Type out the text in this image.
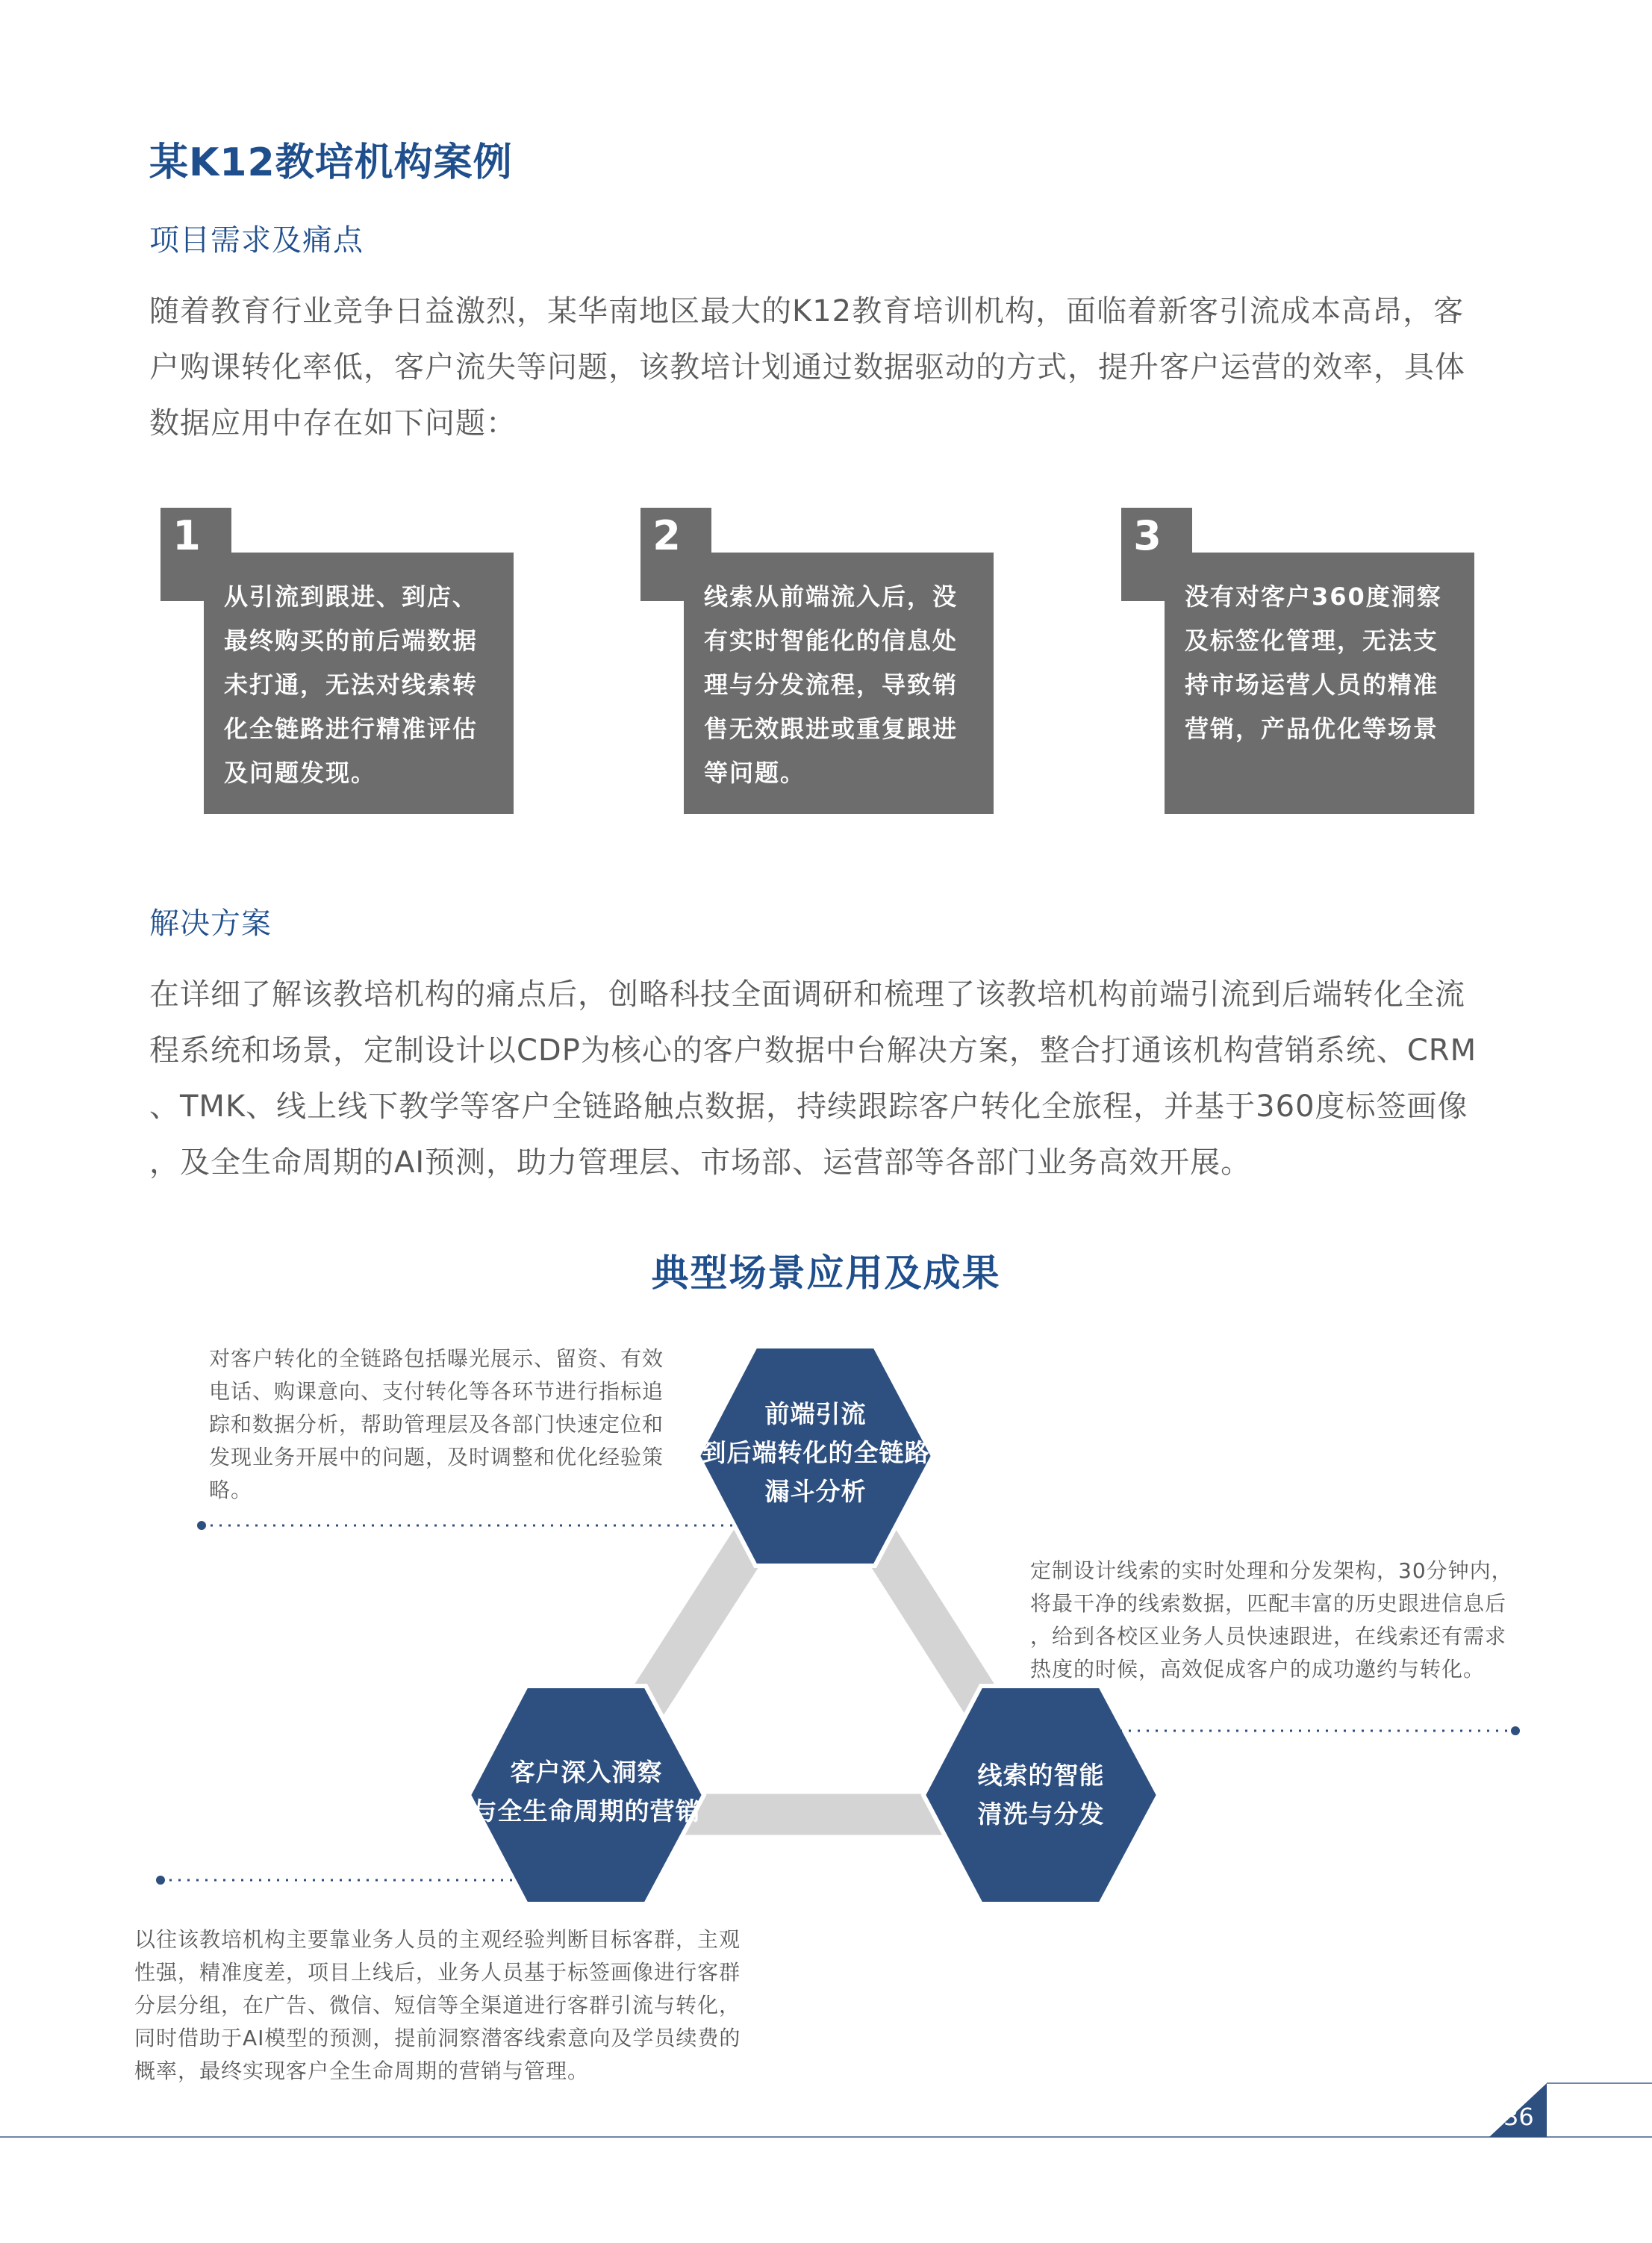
某K12教培机构案例
项目需求及痛点
随着教育行业竞争日益激烈，某华南地区最大的K12教育培训机构，面临着新客引流成本高昂，客
户购课转化率低，客户流失等问题，该教培计划通过数据驱动的方式，提升客户运营的效率，具体
数据应用中存在如下问题：
1

从引流到跟进、到店、
最终购买的前后端数据
未打通，无法对线索转
化全链路进行精准评估
及问题发现。

2

线索从前端流入后，没
有实时智能化的信息处
理与分发流程，导致销
售无效跟进或重复跟进
等问题。

3

没有对客户360度洞察
及标签化管理，无法支
持市场运营人员的精准
营销，产品优化等场景

解决方案
在详细了解该教培机构的痛点后，创略科技全面调研和梳理了该教培机构前端引流到后端转化全流
程系统和场景，定制设计以CDP为核心的客户数据中台解决方案，整合打通该机构营销系统、CRM
、TMK、线上线下教学等客户全链路触点数据，持续跟踪客户转化全旅程，并基于360度标签画像
，及全生命周期的AI预测，助力管理层、市场部、运营部等各部门业务高效开展。
典型场景应用及成果
前端引流
到后端转化的全链路
漏斗分析
客户深入洞察
与全生命周期的营销
线索的智能
清洗与分发
对客户转化的全链路包括曝光展示、留资、有效
电话、购课意向、支付转化等各环节进行指标追
踪和数据分析，帮助管理层及各部门快速定位和
发现业务开展中的问题，及时调整和优化经验策
略。
定制设计线索的实时处理和分发架构，30分钟内，
将最干净的线索数据，匹配丰富的历史跟进信息后
，给到各校区业务人员快速跟进，在线索还有需求
热度的时候，高效促成客户的成功邀约与转化。
以往该教培机构主要靠业务人员的主观经验判断目标客群，主观
性强，精准度差，项目上线后，业务人员基于标签画像进行客群
分层分组，在广告、微信、短信等全渠道进行客群引流与转化，
同时借助于AI模型的预测，提前洞察潜客线索意向及学员续费的
概率，最终实现客户全生命周期的营销与管理。
36
